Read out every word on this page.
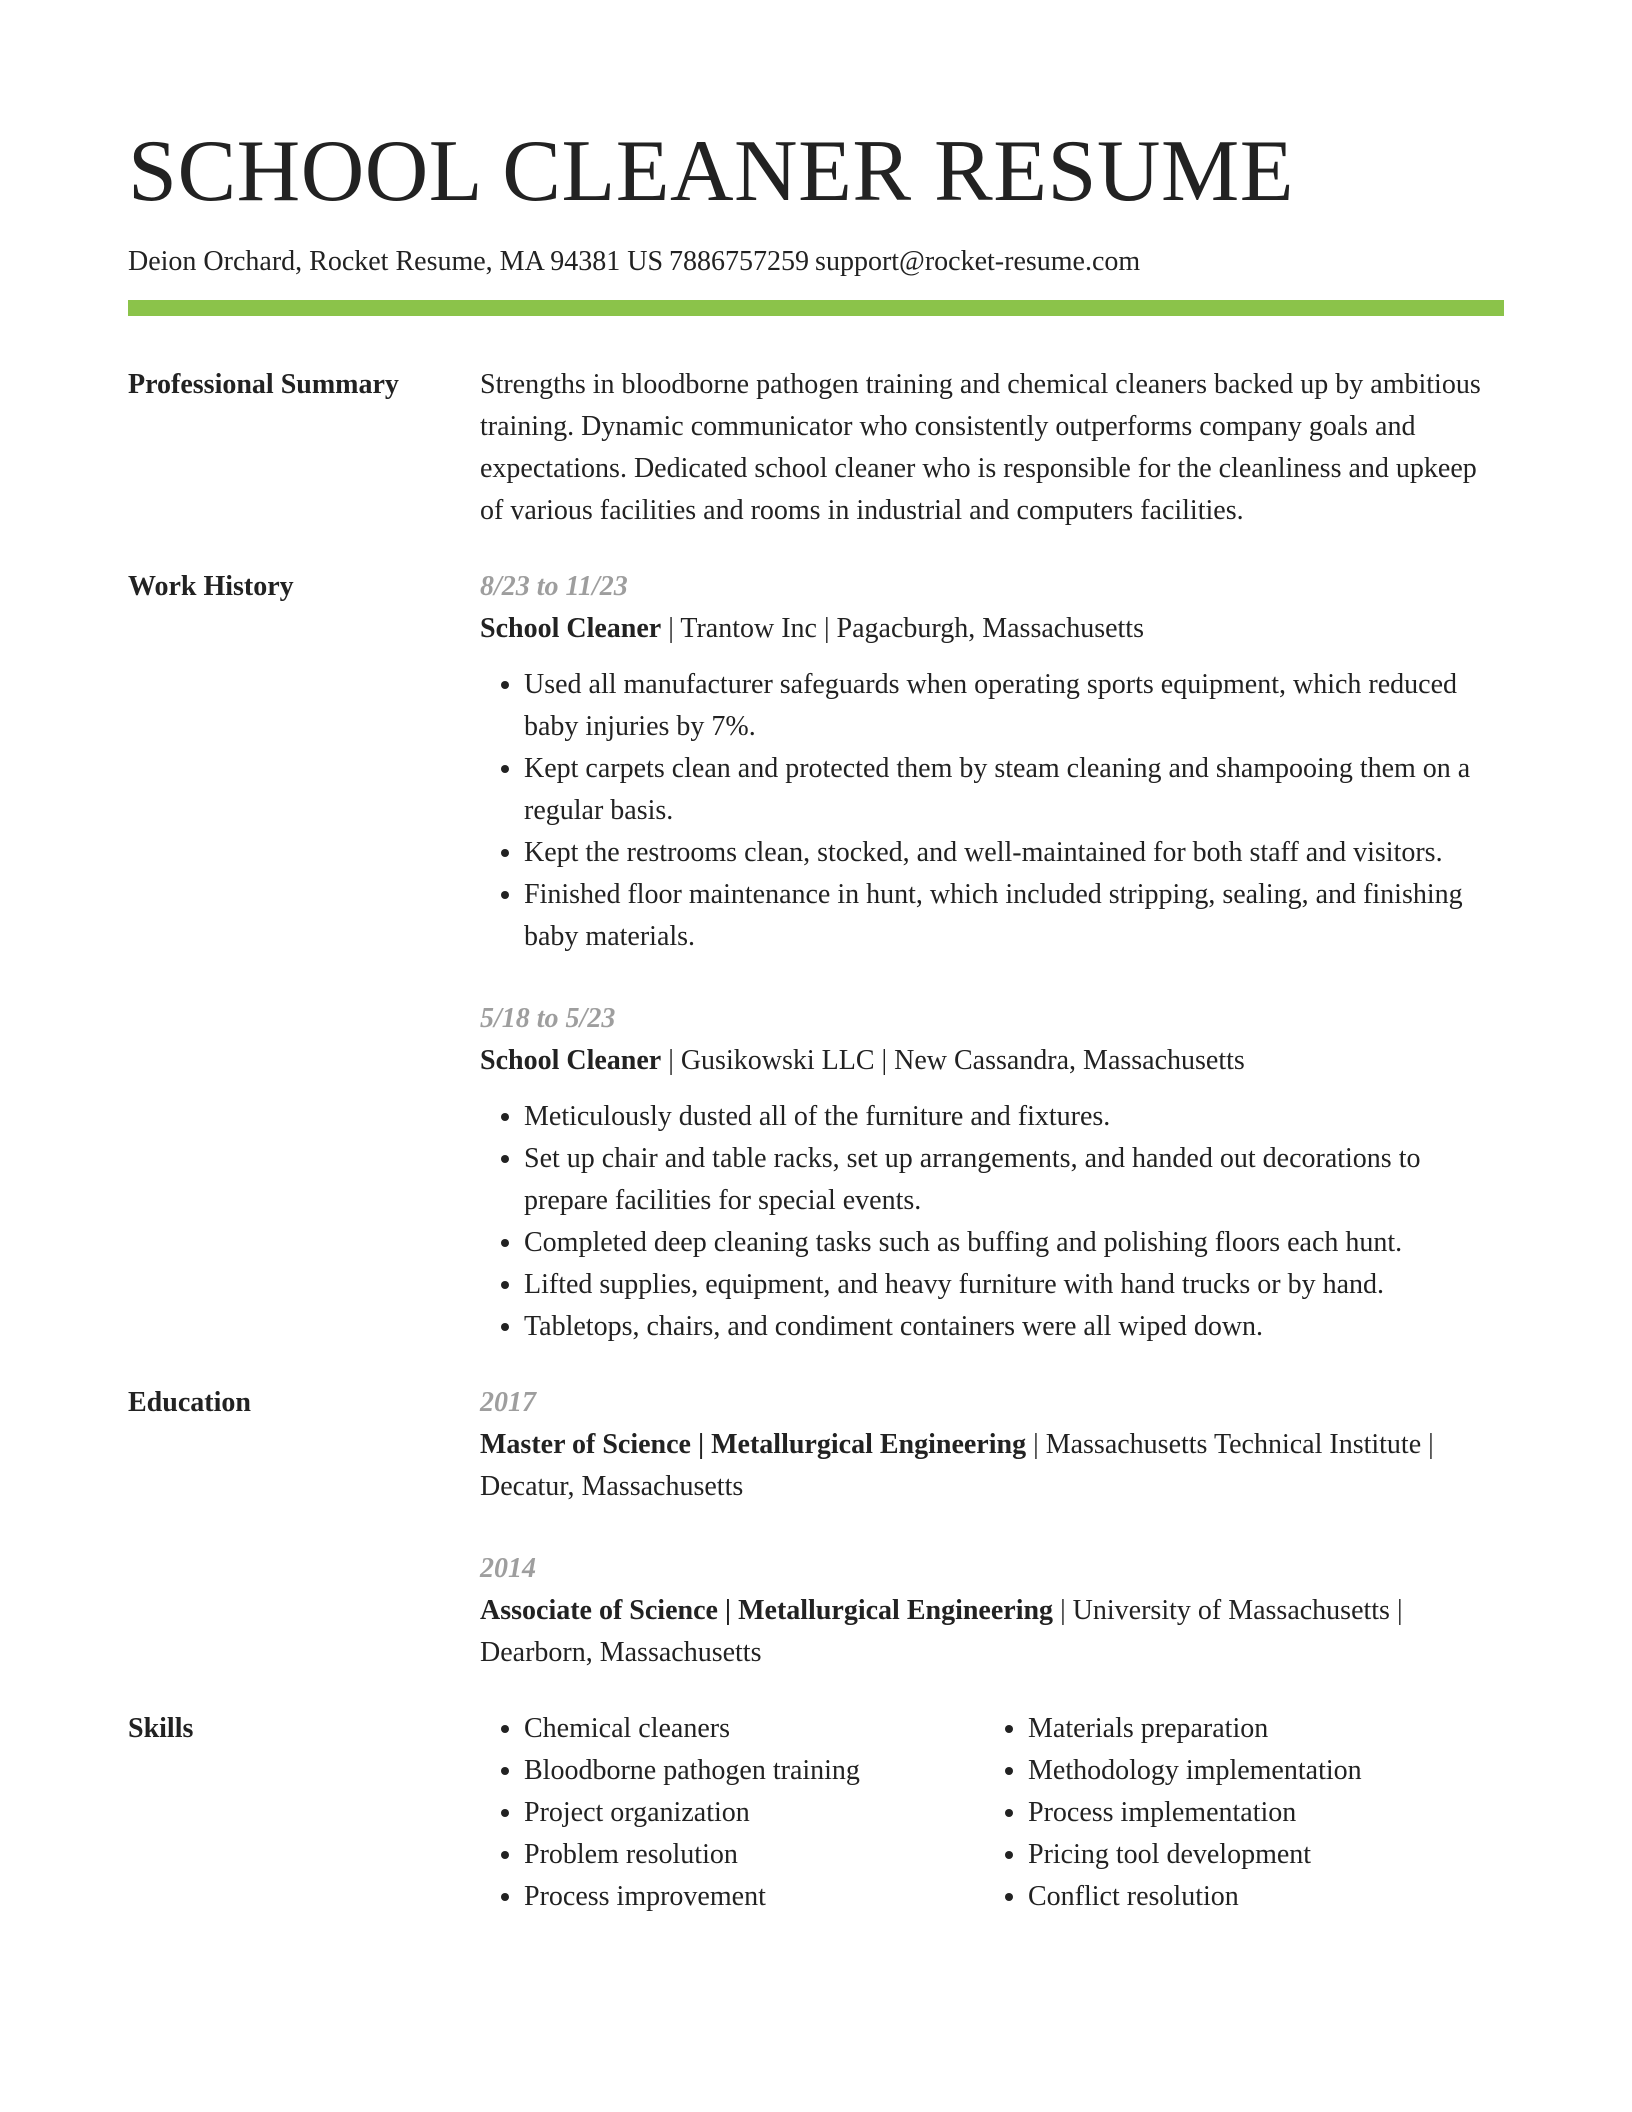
SCHOOL CLEANER RESUME
Deion Orchard, Rocket Resume, MA 94381 US 7886757259 support@rocket-resume.com
Professional Summary	Strengths in bloodborne pathogen training and chemical cleaners backed up by ambitious training. Dynamic communicator who consistently outperforms company goals and expectations. Dedicated school cleaner who is responsible for the cleanliness and upkeep of various facilities and rooms in industrial and computers facilities.

Work History	8/23 to 11/23
School Cleaner | Trantow Inc | Pagacburgh, Massachusetts
• Used all manufacturer safeguards when operating sports equipment, which reduced baby injuries by 7%.
• Kept carpets clean and protected them by steam cleaning and shampooing them on a regular basis.
• Kept the restrooms clean, stocked, and well-maintained for both staff and visitors.
• Finished floor maintenance in hunt, which included stripping, sealing, and finishing baby materials.
5/18 to 5/23
School Cleaner | Gusikowski LLC | New Cassandra, Massachusetts
• Meticulously dusted all of the furniture and fixtures.
• Set up chair and table racks, set up arrangements, and handed out decorations to prepare facilities for special events.
• Completed deep cleaning tasks such as buffing and polishing floors each hunt.
• Lifted supplies, equipment, and heavy furniture with hand trucks or by hand.
• Tabletops, chairs, and condiment containers were all wiped down.
Education	2017
Master of Science | Metallurgical Engineering | Massachusetts Technical Institute | Decatur, Massachusetts
2014
Associate of Science | Metallurgical Engineering | University of Massachusetts | Dearborn, Massachusetts
Skills
•	Chemical cleaners
• Bloodborne pathogen training
• Project organization
• Problem resolution
• Process improvement
• Materials preparation
• Methodology implementation
• Process implementation
• Pricing tool development
• Conflict resolution
